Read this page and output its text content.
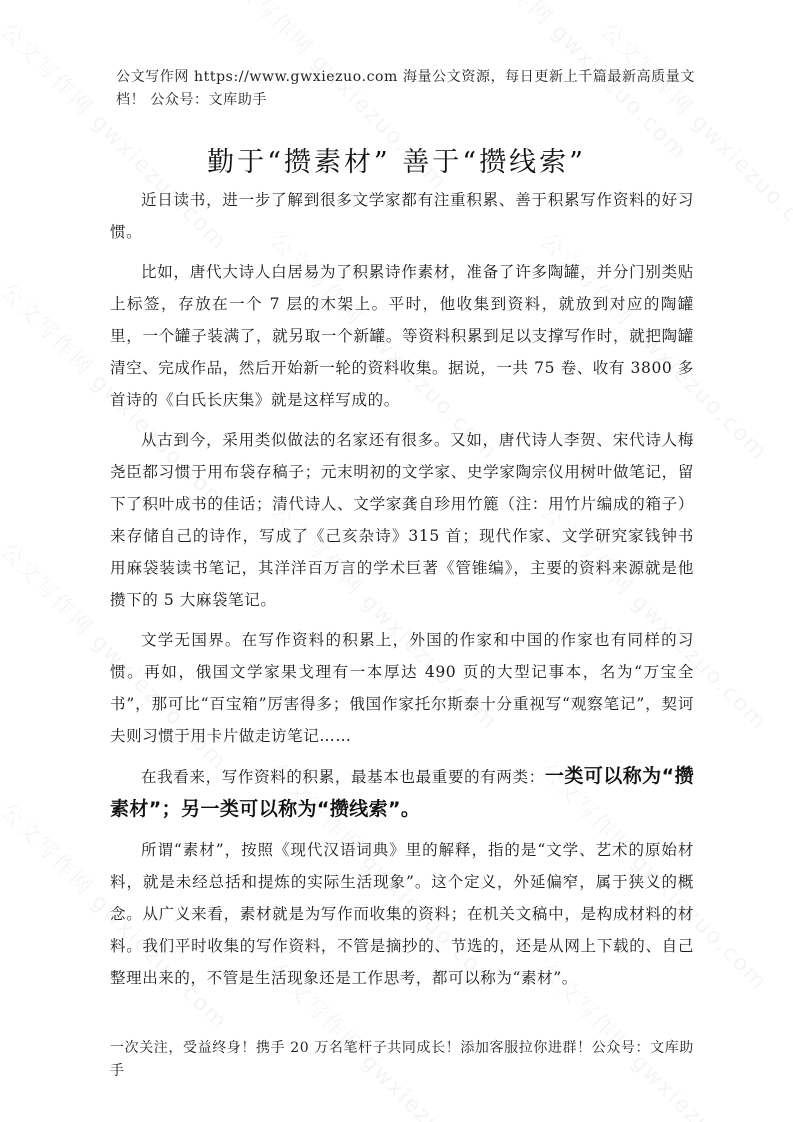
公文写作网 https://www.gwxiezuo.com 海量公文资源，每日更新上千篇最新高质量文档！ 公众号：文库助手
勤于“攒素材” 善于“攒线索”

近日读书，进一步了解到很多文学家都有注重积累、善于积累写作资料的好习惯。

比如，唐代大诗人白居易为了积累诗作素材，准备了许多陶罐，并分门别类贴上标签，存放在一个 7 层的木架上。平时，他收集到资料，就放到对应的陶罐里，一个罐子装满了，就另取一个新罐。等资料积累到足以支撑写作时，就把陶罐清空、完成作品，然后开始新一轮的资料收集。据说，一共 75 卷、收有 3800 多首诗的《白氏长庆集》就是这样写成的。

从古到今，采用类似做法的名家还有很多。又如，唐代诗人李贺、宋代诗人梅尧臣都习惯于用布袋存稿子；元末明初的文学家、史学家陶宗仪用树叶做笔记，留下了积叶成书的佳话；清代诗人、文学家龚自珍用竹簏（注：用竹片编成的箱子）来存储自己的诗作，写成了《己亥杂诗》315 首；现代作家、文学研究家钱钟书用麻袋装读书笔记，其洋洋百万言的学术巨著《管锥编》，主要的资料来源就是他攒下的 5 大麻袋笔记。

文学无国界。在写作资料的积累上，外国的作家和中国的作家也有同样的习惯。再如，俄国文学家果戈理有一本厚达 490 页的大型记事本，名为“万宝全书”，那可比“百宝箱”厉害得多；俄国作家托尔斯泰十分重视写“观察笔记”，契诃夫则习惯于用卡片做走访笔记……

在我看来，写作资料的积累，最基本也最重要的有两类：一类可以称为“攒素材”；另一类可以称为“攒线索”。

所谓“素材”，按照《现代汉语词典》里的解释，指的是“文学、艺术的原始材料，就是未经总括和提炼的实际生活现象”。这个定义，外延偏窄，属于狭义的概念。从广义来看，素材就是为写作而收集的资料；在机关文稿中，是构成材料的材料。我们平时收集的写作资料，不管是摘抄的、节选的，还是从网上下载的、自己整理出来的，不管是生活现象还是工作思考，都可以称为“素材”。

一次关注，受益终身！携手 20 万名笔杆子共同成长！添加客服拉你进群！公众号：文库助手
